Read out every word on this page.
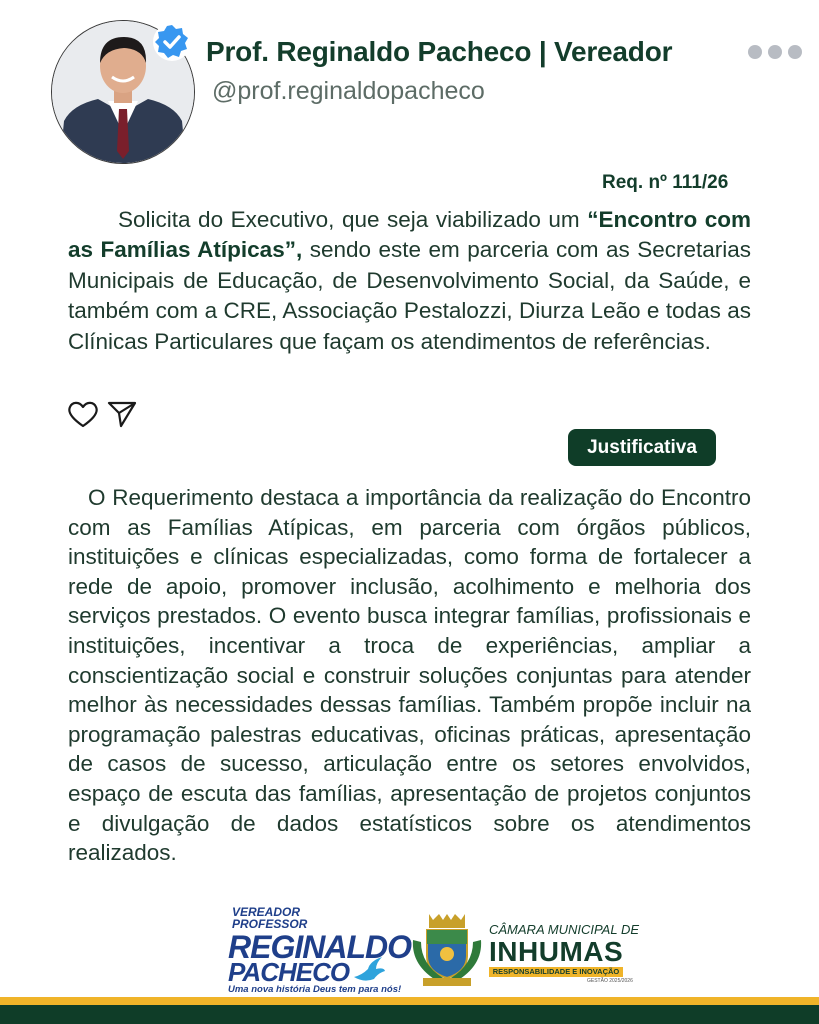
Prof. Reginaldo Pacheco | Vereador
@prof.reginaldopacheco
Req. nº 111/26

Solicita do Executivo, que seja viabilizado um “Encontro com as Famílias Atípicas”, sendo este em parceria com as Secretarias Municipais de Educação, de Desenvolvimento Social, da Saúde, e também com a CRE, Associação Pestalozzi, Diurza Leão e todas as Clínicas Particulares que façam os atendimentos de referências.

Justificativa

O Requerimento destaca a importância da realização do Encontro com as Famílias Atípicas, em parceria com órgãos públicos, instituições e clínicas especializadas, como forma de fortalecer a rede de apoio, promover inclusão, acolhimento e melhoria dos serviços prestados. O evento busca integrar famílias, profissionais e instituições, incentivar a troca de experiências, ampliar a conscientização social e construir soluções conjuntas para atender melhor às necessidades dessas famílias. Também propõe incluir na programação palestras educativas, oficinas práticas, apresentação de casos de sucesso, articulação entre os setores envolvidos, espaço de escuta das famílias, apresentação de projetos conjuntos e divulgação de dados estatísticos sobre os atendimentos realizados.

VEREADOR
PROFESSOR
REGINALDO
PACHECO
Uma nova história Deus tem para nós!
CÂMARA MUNICIPAL DE
INHUMAS
RESPONSABILIDADE E INOVAÇÃO
GESTÃO 2025/2026
